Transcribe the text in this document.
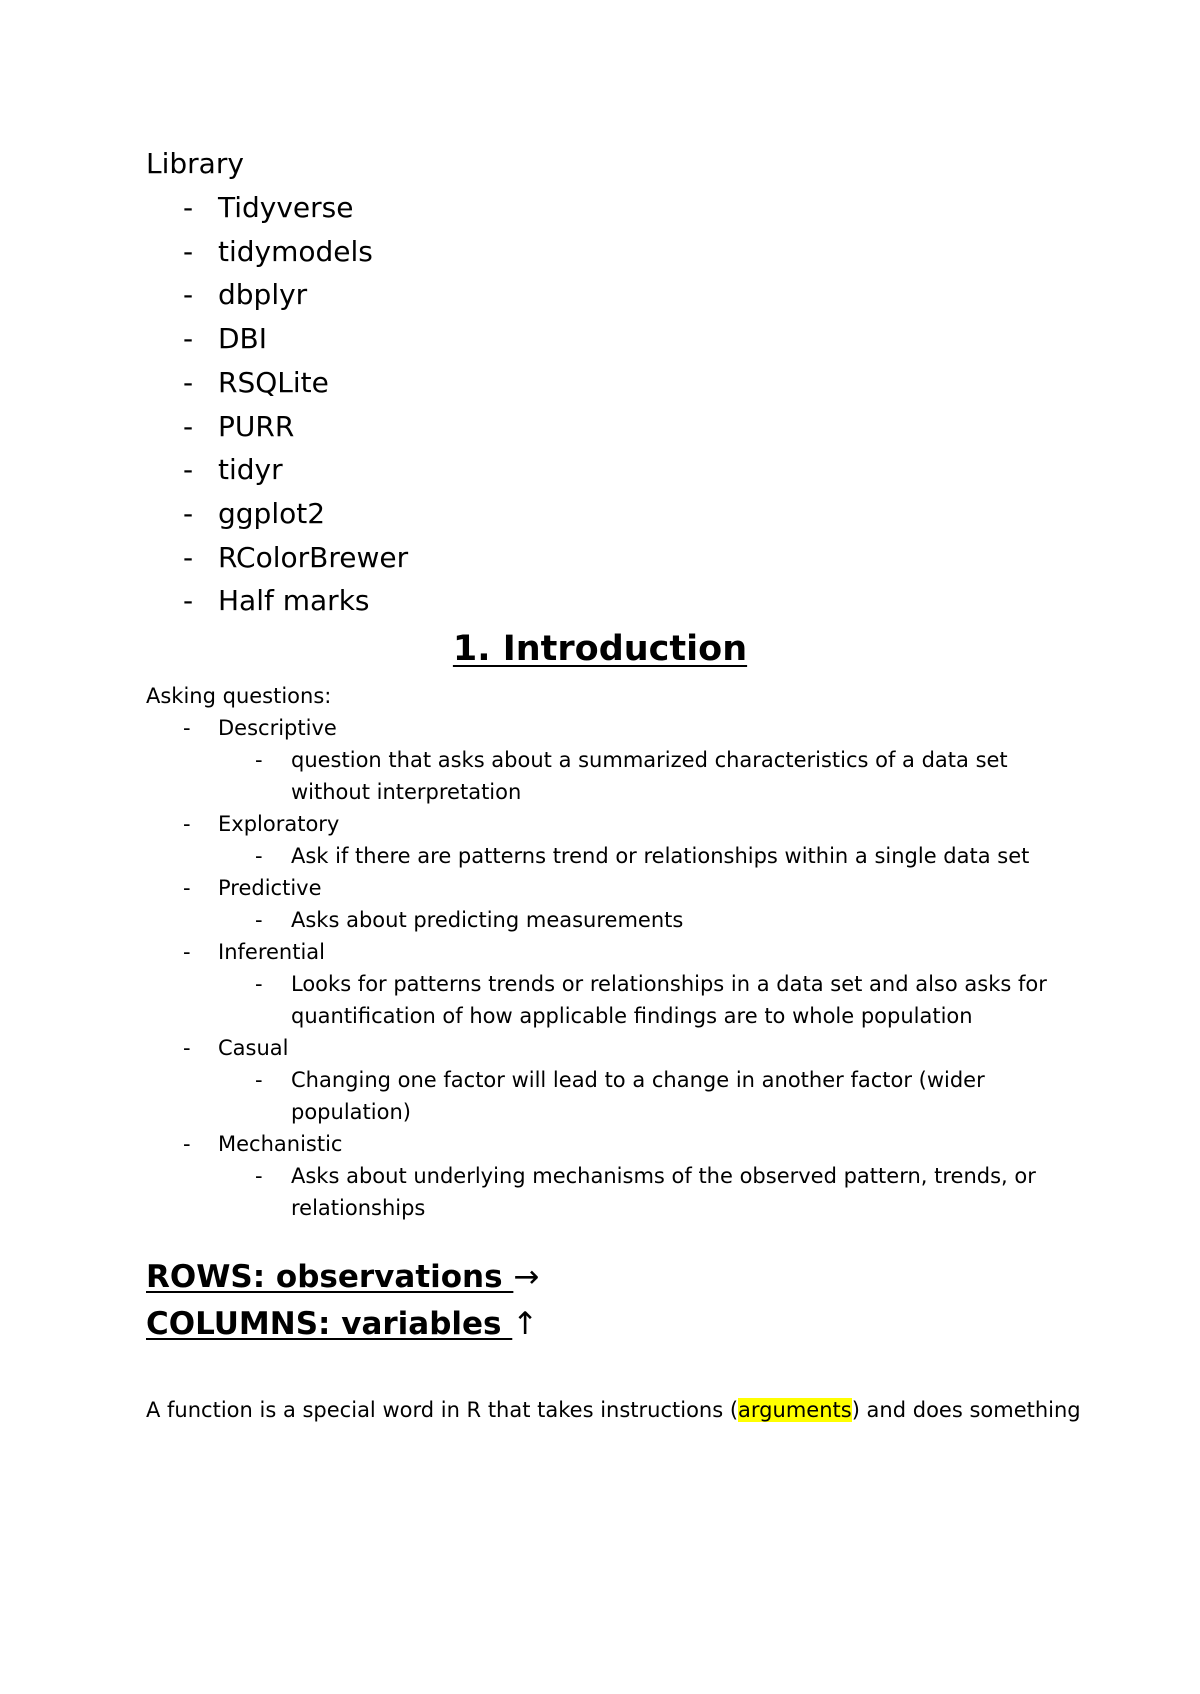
Library
- Tidyverse
- tidymodels
- dbplyr
- DBI
- RSQLite
- PURR
- tidyr
- ggplot2
- RColorBrewer
- Half marks
1. Introduction

Asking questions:

- Descriptive
- question that asks about a summarized characteristics of a data set without interpretation
- Exploratory
- Ask if there are patterns trend or relationships within a single data set
- Predictive
- Asks about predicting measurements
- Inferential
- Looks for patterns trends or relationships in a data set and also asks for quantification of how applicable findings are to whole population
- Casual
- Changing one factor will lead to a change in another factor (wider population)
- Mechanistic
- Asks about underlying mechanisms of the observed pattern, trends, or relationships
ROWS: observations →
COLUMNS: variables ↑

A function is a special word in R that takes instructions (arguments) and does something
